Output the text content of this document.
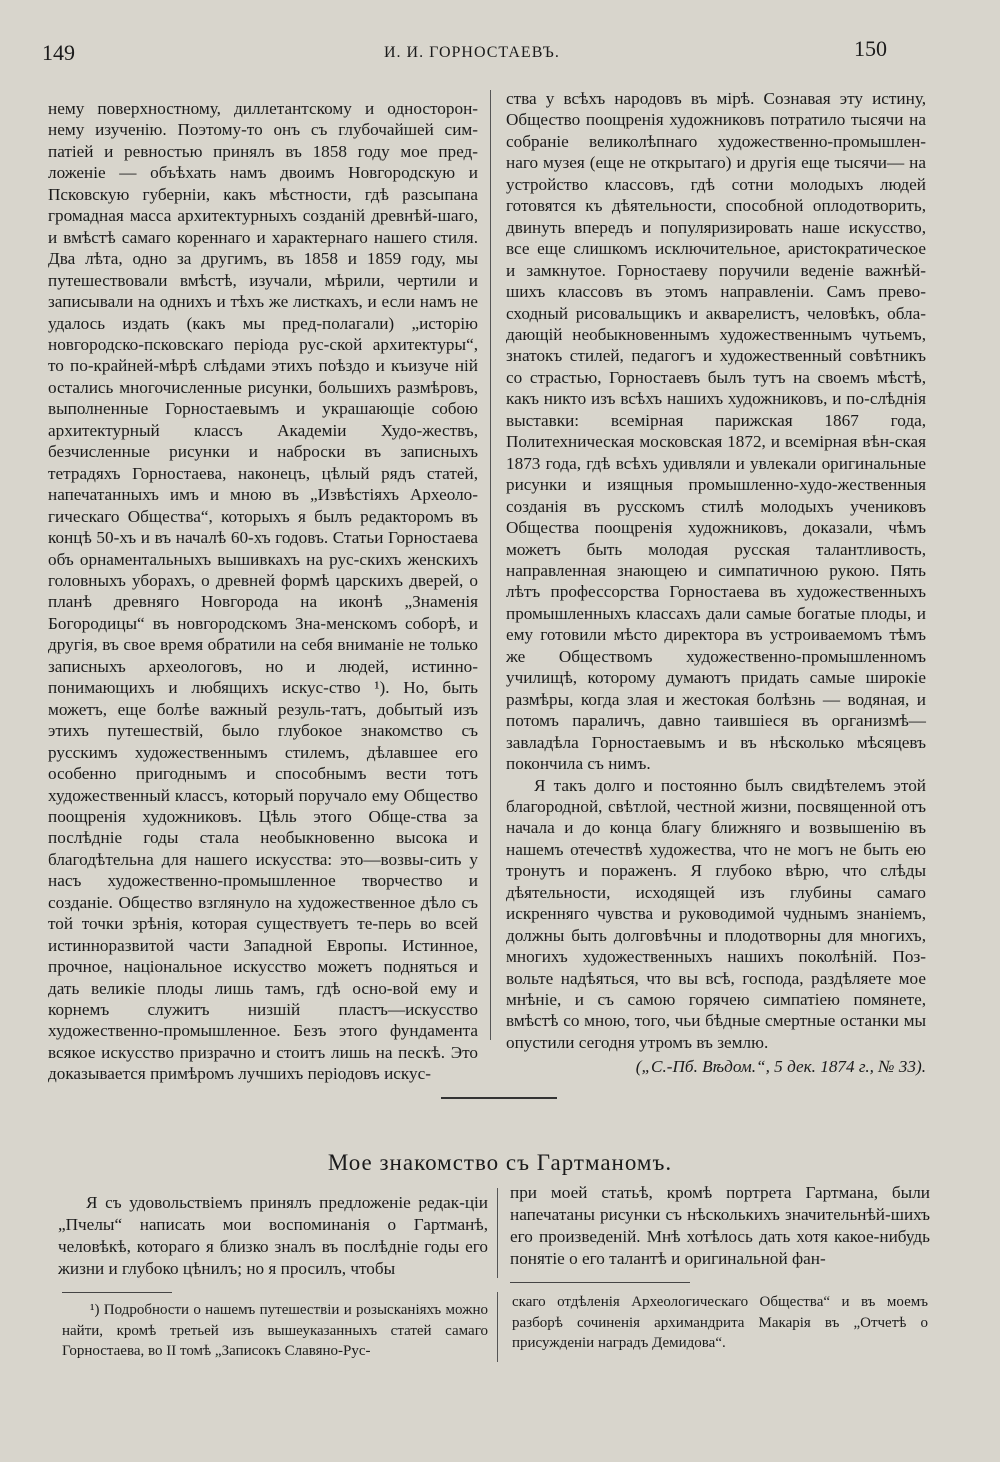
149	И. И. ГОРНОСТАЕВЪ.	150

нему поверхностному, диллетантскому и односторон-нему изученію. Поэтому-то онъ съ глубочайшей сим-патіей и ревностью принялъ въ 1858 году мое пред-ложеніе — объѣхать намъ двоимъ Новгородскую и Псковскую губерніи, какъ мѣстности, гдѣ разсыпана громадная масса архитектурныхъ созданій древнѣй-шаго, и вмѣстѣ самаго кореннаго и характернаго нашего стиля. Два лѣта, одно за другимъ, въ 1858 и 1859 году, мы путешествовали вмѣстѣ, изучали, мѣрили, чертили и записывали на однихъ и тѣхъ же листкахъ, и если намъ не удалось издать (какъ мы пред-полагали) „исторію новгородско-псковскаго періода рус-ской архитектуры“, то по-крайней-мѣрѣ слѣдами этихъ поѣздо и къизуче нiй остались многочисленные рисунки, большихъ размѣровъ, выполненные Горностаевымъ и украшающіе собою архитектурный классъ Академіи Худо-жествъ, безчисленные рисунки и наброски въ записныхъ тетрадяхъ Горностаева, наконецъ, цѣлый рядъ статей, напечатанныхъ имъ и мною въ „Извѣстіяхъ Археоло-гическаго Общества“, которыхъ я былъ редакторомъ въ концѣ 50-хъ и въ началѣ 60-хъ годовъ. Статьи Горностаева объ орнаментальныхъ вышивкахъ на рус-скихъ женскихъ головныхъ уборахъ, о древней формѣ царскихъ дверей, о планѣ древняго Новгорода на иконѣ „Знаменія Богородицы“ въ новгородскомъ Зна-менскомъ соборѣ, и другія, въ свое время обратили на себя вниманіе не только записныхъ археологовъ, но и людей, истинно-понимающихъ и любящихъ искус-ство ¹). Но, быть можетъ, еще болѣе важный резуль-татъ, добытый изъ этихъ путешествій, было глубокое знакомство съ русскимъ художественнымъ стилемъ, дѣлавшее его особенно пригоднымъ и способнымъ вести тотъ художественный классъ, который поручало ему Общество поощренія художниковъ. Цѣль этого Обще-ства за послѣдніе годы стала необыкновенно высока и благодѣтельна для нашего искусства: это—возвы-сить у насъ художественно-промышленное творчество и созданіе. Общество взглянуло на художественное дѣло съ той точки зрѣнія, которая существуетъ те-перь во всей истинноразвитой части Западной Европы. Истинное, прочное, національное искусство можетъ подняться и дать великіе плоды лишь тамъ, гдѣ осно-вой ему и корнемъ служитъ низшій пластъ—искусство художественно-промышленное. Безъ этого фундамента всякое искусство призрачно и стоитъ лишь на пескѣ. Это доказывается примѣромъ лучшихъ періодовъ искус-

ства у всѣхъ народовъ въ мірѣ. Сознавая эту истину, Общество поощренія художниковъ потратило тысячи на собраніе великолѣпнаго художественно-промышлен-наго музея (еще не открытаго) и другія еще тысячи— на устройство классовъ, гдѣ сотни молодыхъ людей готовятся къ дѣятельности, способной оплодотворить, двинуть впередъ и популяризировать наше искусство, все еще слишкомъ исключительное, аристократическое и замкнутое. Горностаеву поручили веденіе важнѣй-шихъ классовъ въ этомъ направленіи. Самъ прево-сходный рисовальщикъ и акварелистъ, человѣкъ, обла-дающій необыкновеннымъ художественнымъ чутьемъ, знатокъ стилей, педагогъ и художественный совѣтникъ со страстью, Горностаевъ былъ тутъ на своемъ мѣстѣ, какъ никто изъ всѣхъ нашихъ художниковъ, и по-слѣднія выставки: всемірная парижская 1867 года, Политехническая московская 1872, и всемірная вѣн-ская 1873 года, гдѣ всѣхъ удивляли и увлекали оригинальные рисунки и изящныя промышленно-худо-жественныя созданія въ русскомъ стилѣ молодыхъ учениковъ Общества поощренія художниковъ, доказали, чѣмъ можетъ быть молодая русская талантливость, направленная знающею и симпатичною рукою. Пять лѣтъ профессорства Горностаева въ художественныхъ промышленныхъ классахъ дали самые богатые плоды, и ему готовили мѣсто директора въ устроиваемомъ тѣмъ же Обществомъ художественно-промышленномъ училищѣ, которому думаютъ придать самые широкіе размѣры, когда злая и жестокая болѣзнь — водяная, и потомъ параличъ, давно таившіеся въ организмѣ— завладѣла Горностаевымъ и въ нѣсколько мѣсяцевъ покончила съ нимъ.

Я такъ долго и постоянно былъ свидѣтелемъ этой благородной, свѣтлой, честной жизни, посвященной отъ начала и до конца благу ближняго и возвышенію въ нашемъ отечествѣ художества, что не могъ не быть ею тронутъ и пораженъ. Я глубоко вѣрю, что слѣды дѣятельности, исходящей изъ глубины самаго искренняго чувства и руководимой чуднымъ знаніемъ, должны быть долговѣчны и плодотворны для многихъ, многихъ художественныхъ нашихъ поколѣній. Поз-вольте надѣяться, что вы всѣ, господа, раздѣляете мое мнѣніе, и съ самою горячею симпатіею помянете, вмѣстѣ со мною, того, чьи бѣдные смертные останки мы опустили сегодня утромъ въ землю.

(„С.-Пб. Вѣдом.“, 5 дек. 1874 г., № 33).

Мое знакомство съ Гартманомъ.

Я съ удовольствіемъ принялъ предложеніе редак-ціи „Пчелы“ написать мои воспоминанія о Гартманѣ, человѣкѣ, котораго я близко зналъ въ послѣдніе годы его жизни и глубоко цѣнилъ; но я просилъ, чтобы

при моей статьѣ, кромѣ портрета Гартмана, были напечатаны рисунки съ нѣсколькихъ значительнѣй-шихъ его произведеній. Мнѣ хотѣлось дать хотя какое-нибудь понятіе о его талантѣ и оригинальной фан-

¹) Подробности о нашемъ путешествіи и розысканіяхъ можно найти, кромѣ третьей изъ вышеуказанныхъ статей самаго Горностаева, во II томѣ „Записокъ Славяно-Рус-

скаго отдѣленія Археологическаго Общества“ и въ моемъ разборѣ сочиненія архимандрита Макарія въ „Отчетѣ о присужденіи наградъ Демидова“.
